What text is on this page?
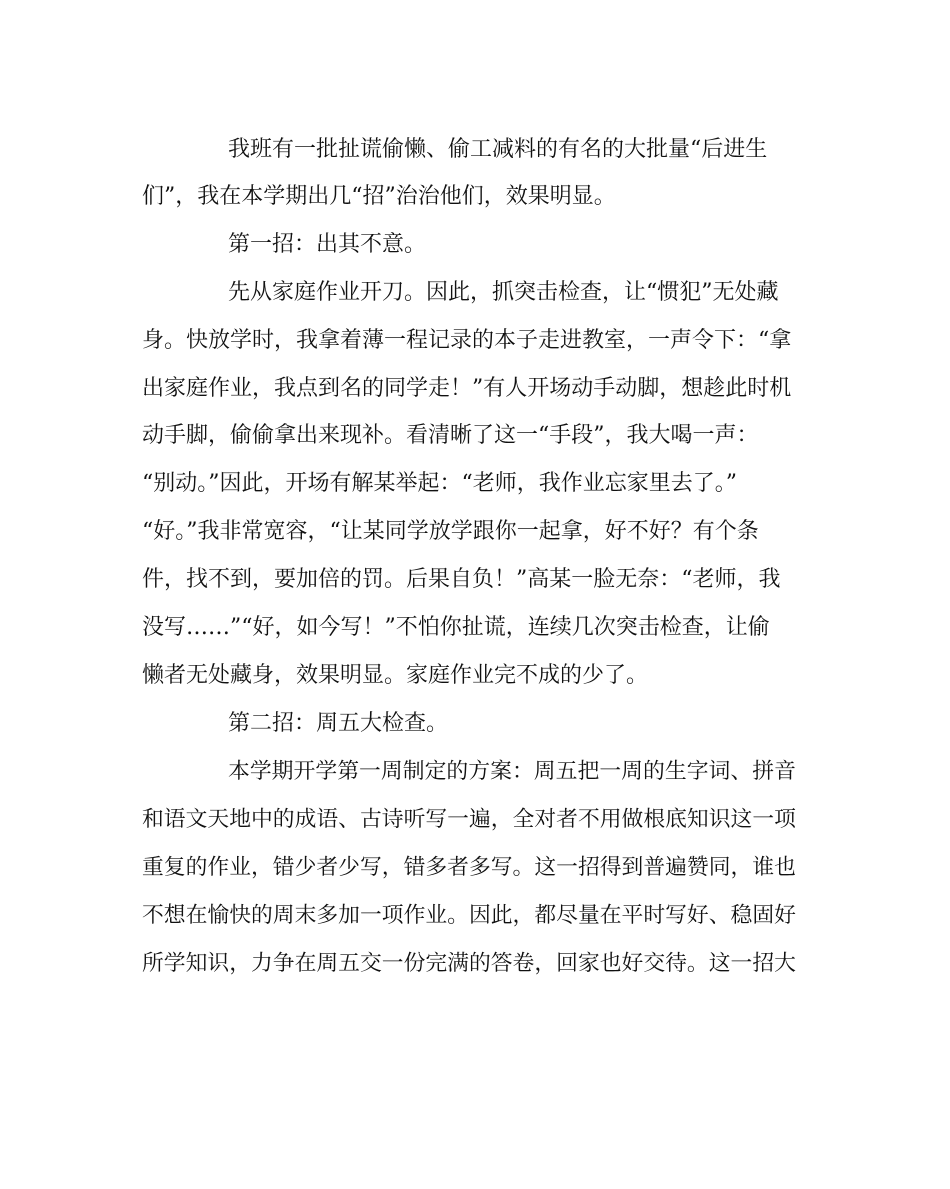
我班有一批扯谎偷懒、偷工减料的有名的大批量“后进生
们”，我在本学期出几“招”治治他们，效果明显。
第一招：出其不意。
先从家庭作业开刀。因此，抓突击检查，让“惯犯”无处藏
身。快放学时，我拿着薄一程记录的本子走进教室，一声令下：“拿
出家庭作业，我点到名的同学走！”有人开场动手动脚，想趁此时机
动手脚，偷偷拿出来现补。看清晰了这一“手段”，我大喝一声：
“别动。”因此，开场有解某举起：“老师，我作业忘家里去了。”
“好。”我非常宽容，“让某同学放学跟你一起拿，好不好？有个条
件，找不到，要加倍的罚。后果自负！”高某一脸无奈：“老师，我
没写……”“好，如今写！”不怕你扯谎，连续几次突击检查，让偷
懒者无处藏身，效果明显。家庭作业完不成的少了。
第二招：周五大检查。
本学期开学第一周制定的方案：周五把一周的生字词、拼音
和语文天地中的成语、古诗听写一遍，全对者不用做根底知识这一项
重复的作业，错少者少写，错多者多写。这一招得到普遍赞同，谁也
不想在愉快的周末多加一项作业。因此，都尽量在平时写好、稳固好
所学知识，力争在周五交一份完满的答卷，回家也好交待。这一招大
